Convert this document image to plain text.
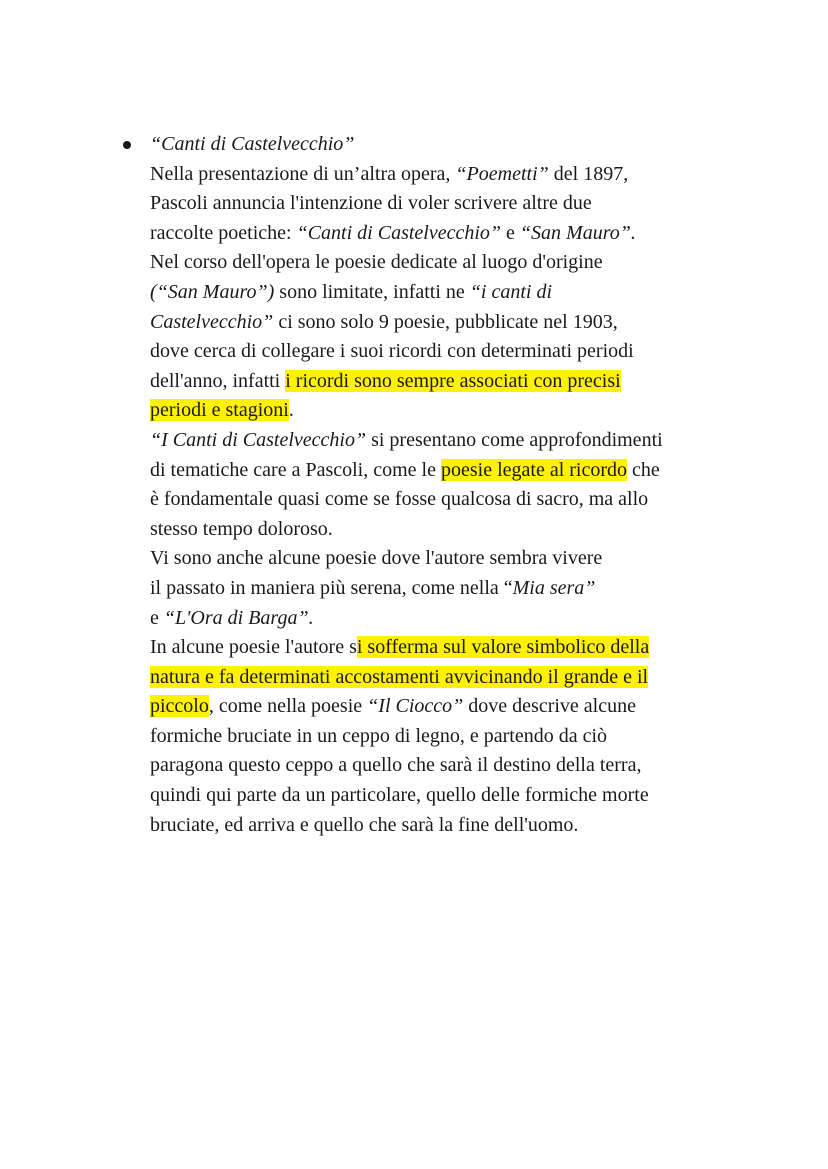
“Canti di Castelvecchio”
Nella presentazione di un’altra opera, “Poemetti” del 1897,
Pascoli annuncia l'intenzione di voler scrivere altre due
raccolte poetiche: “Canti di Castelvecchio” e “San Mauro”.
Nel corso dell'opera le poesie dedicate al luogo d'origine
(“San Mauro”) sono limitate, infatti ne “i canti di
Castelvecchio” ci sono solo 9 poesie, pubblicate nel 1903,
dove cerca di collegare i suoi ricordi con determinati periodi
dell'anno, infatti i ricordi sono sempre associati con precisi
periodi e stagioni.
“I Canti di Castelvecchio” si presentano come approfondimenti
di tematiche care a Pascoli, come le poesie legate al ricordo che
è fondamentale quasi come se fosse qualcosa di sacro, ma allo
stesso tempo doloroso.
Vi sono anche alcune poesie dove l'autore sembra vivere
il passato in maniera più serena, come nella “Mia sera”
e “L'Ora di Barga”.
In alcune poesie l'autore si sofferma sul valore simbolico della
natura e fa determinati accostamenti avvicinando il grande e il
piccolo, come nella poesie “Il Ciocco” dove descrive alcune
formiche bruciate in un ceppo di legno, e partendo da ciò
paragona questo ceppo a quello che sarà il destino della terra,
quindi qui parte da un particolare, quello delle formiche morte
bruciate, ed arriva e quello che sarà la fine dell'uomo.
